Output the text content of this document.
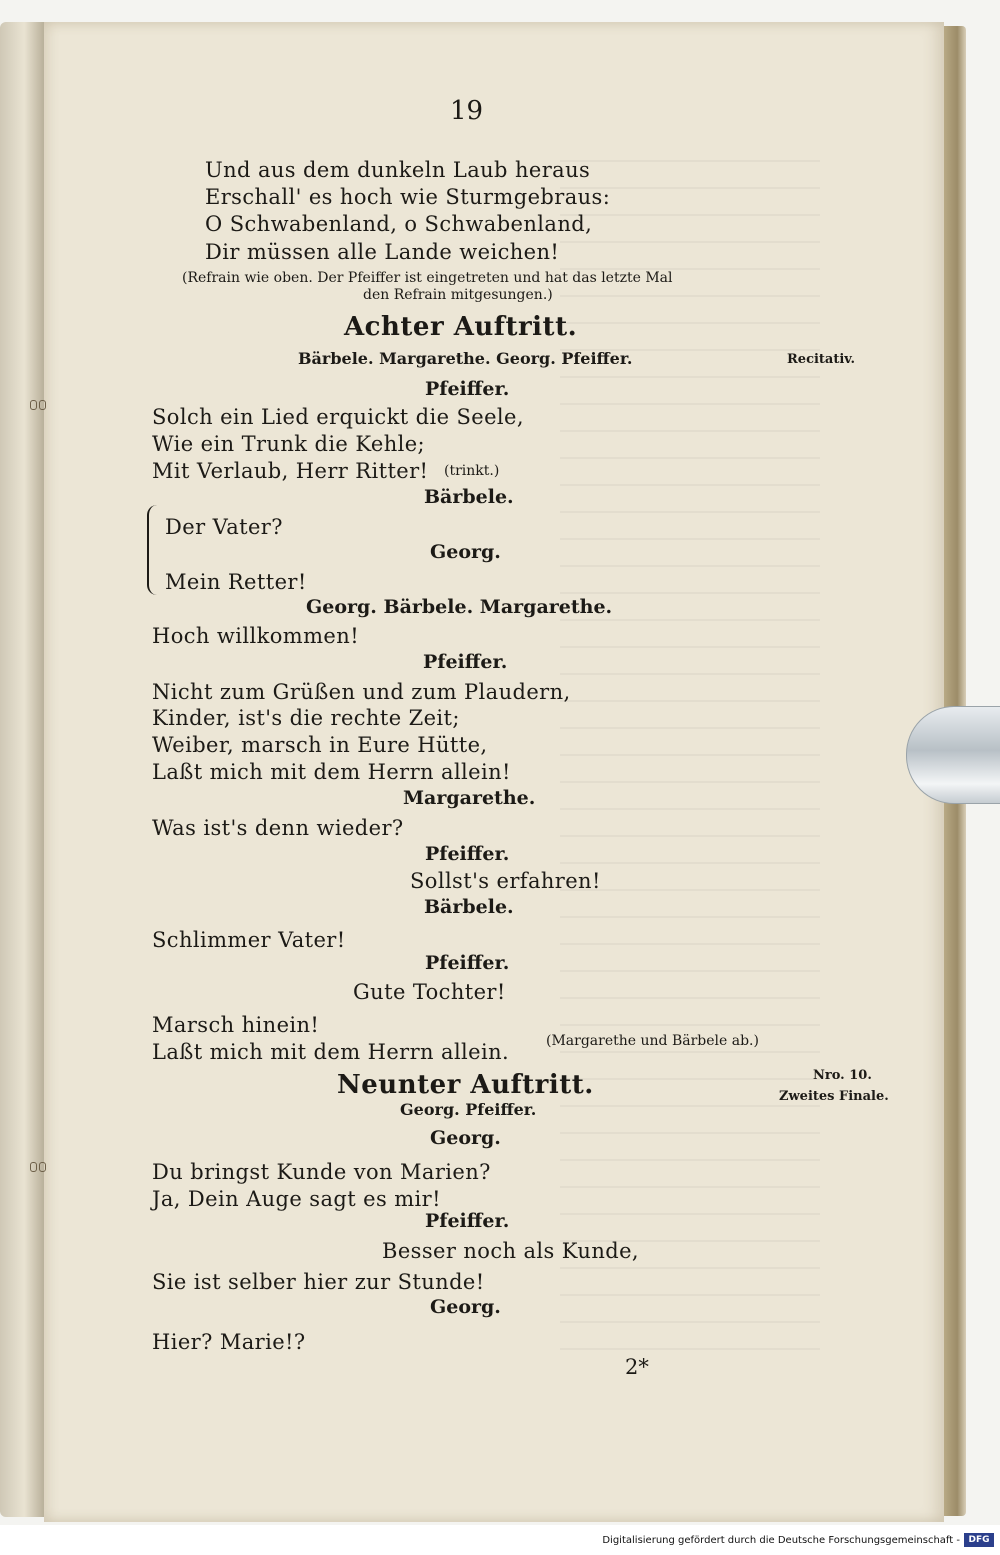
19
Und aus dem dunkeln Laub heraus
Erschall' es hoch wie Sturmgebraus:
O Schwabenland, o Schwabenland,
Dir müssen alle Lande weichen!
(Refrain wie oben. Der Pfeiffer ist eingetreten und hat das letzte Mal
den Refrain mitgesungen.)
Achter Auftritt.
Bärbele. Margarethe. Georg. Pfeiffer.	Recitativ.
Pfeiffer.
Solch ein Lied erquickt die Seele,
Wie ein Trunk die Kehle;
Mit Verlaub, Herr Ritter! (trinkt.)
Bärbele.
Der Vater?
Georg.
Mein Retter!
Georg. Bärbele. Margarethe.
Hoch willkommen!
Pfeiffer.
Nicht zum Grüßen und zum Plaudern,
Kinder, ist's die rechte Zeit;
Weiber, marsch in Eure Hütte,
Laßt mich mit dem Herrn allein!
Margarethe.
Was ist's denn wieder?
Pfeiffer.
Sollst's erfahren!
Bärbele.
Schlimmer Vater!
Pfeiffer.
Gute Tochter!
Marsch hinein!
Laßt mich mit dem Herrn allein.	(Margarethe und Bärbele ab.)
Neunter Auftritt.	Nro. 10.
Zweites Finale.
Georg. Pfeiffer.
Georg.
Du bringst Kunde von Marien?
Ja, Dein Auge sagt es mir!
Pfeiffer.
Besser noch als Kunde,
Sie ist selber hier zur Stunde!
Georg.
Hier? Marie!?
2*
Digitalisierung gefördert durch die Deutsche Forschungsgemeinschaft - DFG
